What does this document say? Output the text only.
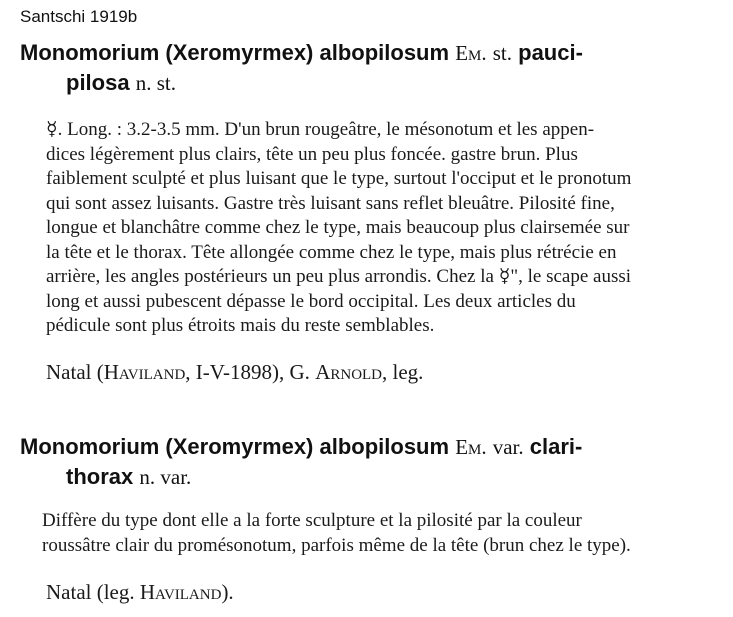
Santschi 1919b
Monomorium (Xeromyrmex) albopilosum Em. st. pauci-
pilosa n. st.
☿. Long. : 3.2-3.5 mm. D'un brun rougeâtre, le mésonotum et les appen-
dices légèrement plus clairs, tête un peu plus foncée. gastre brun. Plus
faiblement sculpté et plus luisant que le type, surtout l'occiput et le pronotum
qui sont assez luisants. Gastre très luisant sans reflet bleuâtre. Pilosité fine,
longue et blanchâtre comme chez le type, mais beaucoup plus clairsemée sur
la tête et le thorax. Tête allongée comme chez le type, mais plus rétrécie en
arrière, les angles postérieurs un peu plus arrondis. Chez la ☿", le scape aussi
long et aussi pubescent dépasse le bord occipital. Les deux articles du
pédicule sont plus étroits mais du reste semblables.
Natal (Haviland, I-V-1898), G. Arnold, leg.
Monomorium (Xeromyrmex) albopilosum Em. var. clari-
thorax n. var.
Diffère du type dont elle a la forte sculpture et la pilosité par la couleur
roussâtre clair du promésonotum, parfois même de la tête (brun chez le type).
Natal (leg. Haviland).
